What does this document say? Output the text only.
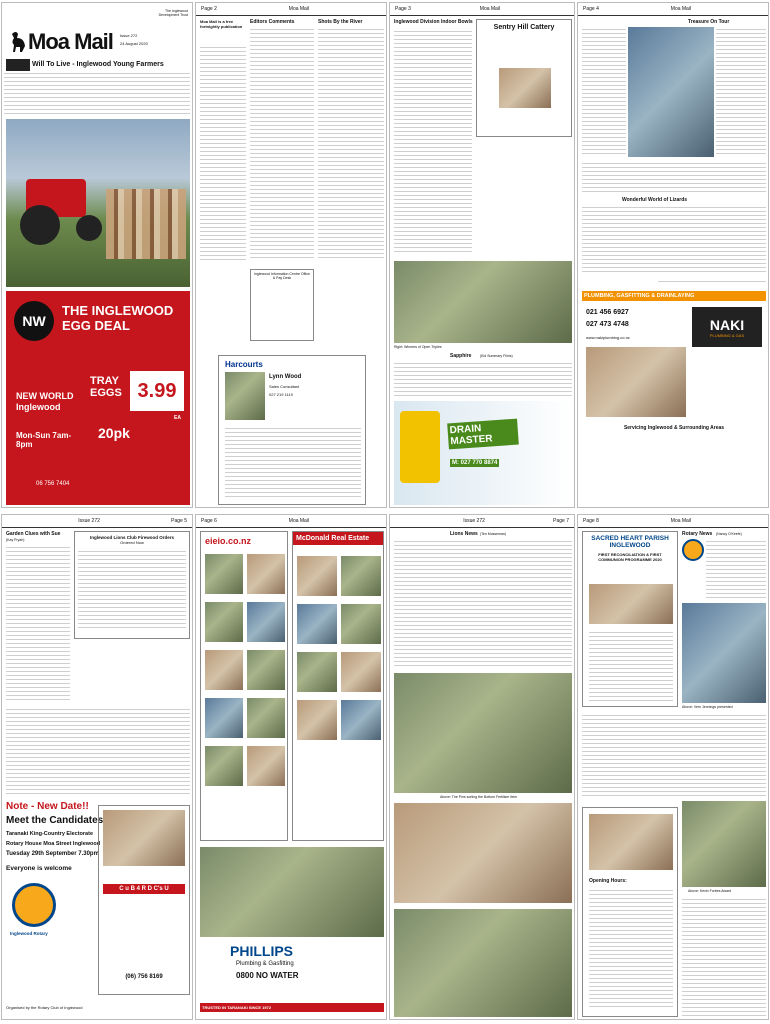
The Inglewood Development Trust
Moa Mail Issue 272
24 August 2020
Will To Live - Inglewood Young Farmers
NW
THE INGLEWOOD EGG DEAL
NEW WORLD Inglewood
TRAY EGGS 3.99
EA
20pk
Mon-Sun 7am-8pm
06 756 7404
Page 2	Moa Mail
Moa Mail is a free fortnightly publication
Editors Comments	Shots By the River
Inglewood Information Centre Office & Pay Desk
Harcourts
Lynn Wood
Sales Consultant
027 219 1119
Page 3	Moa Mail
Inglewood Division Indoor Bowls
Sentry Hill Cattery
Right: Winners of Open Triples
Sapphire (Kid Summary Films)
DRAIN MASTER
M: 027 770 8874
Page 4	Moa Mail
Treasure On Tour
Wonderful World of Lizards
PLUMBING, GASFITTING & DRAINLAYING
021 456 6927
027 473 4748	NAKI
PLUMBING & GAS
www.nakiplumbing.co.nz
Servicing Inglewood & Surrounding Areas
Issue 272	Page 5
Garden Clues with Sue
(Kay Pryah)	Inglewood Lions Club Firewood Orders
Ordered Now
Note - New Date!!
Meet the Candidates
Taranaki King-Country Electorate
Rotary House Moa Street Inglewood
Tuesday 29th September 7.30pm
Everyone is welcome
Inglewood Rotary
Organised by the Rotary Club of Inglewood
C u B 4 R D C's U
(06) 756 8169
Page 6	Moa Mail
eieio.co.nz	McDonald Real Estate
PHILLIPS
Plumbing & Gasfitting
0800 NO WATER
TRUSTED IN TARANAKI SINCE 1972
Issue 272	Page 7
Lions News (Ten Mosseman)
Above: The Pins sorting the Bottom Fertiliser Item
Page 8	Moa Mail
SACRED HEART PARISH INGLEWOOD
FIRST RECONCILIATION & FIRST COMMUNION PROGRAMME 2020
Rotary News (Nancy O'Keefe)
Above: Vern Jennings presented
Above: Kevin Forbes Award
Opening Hours:
